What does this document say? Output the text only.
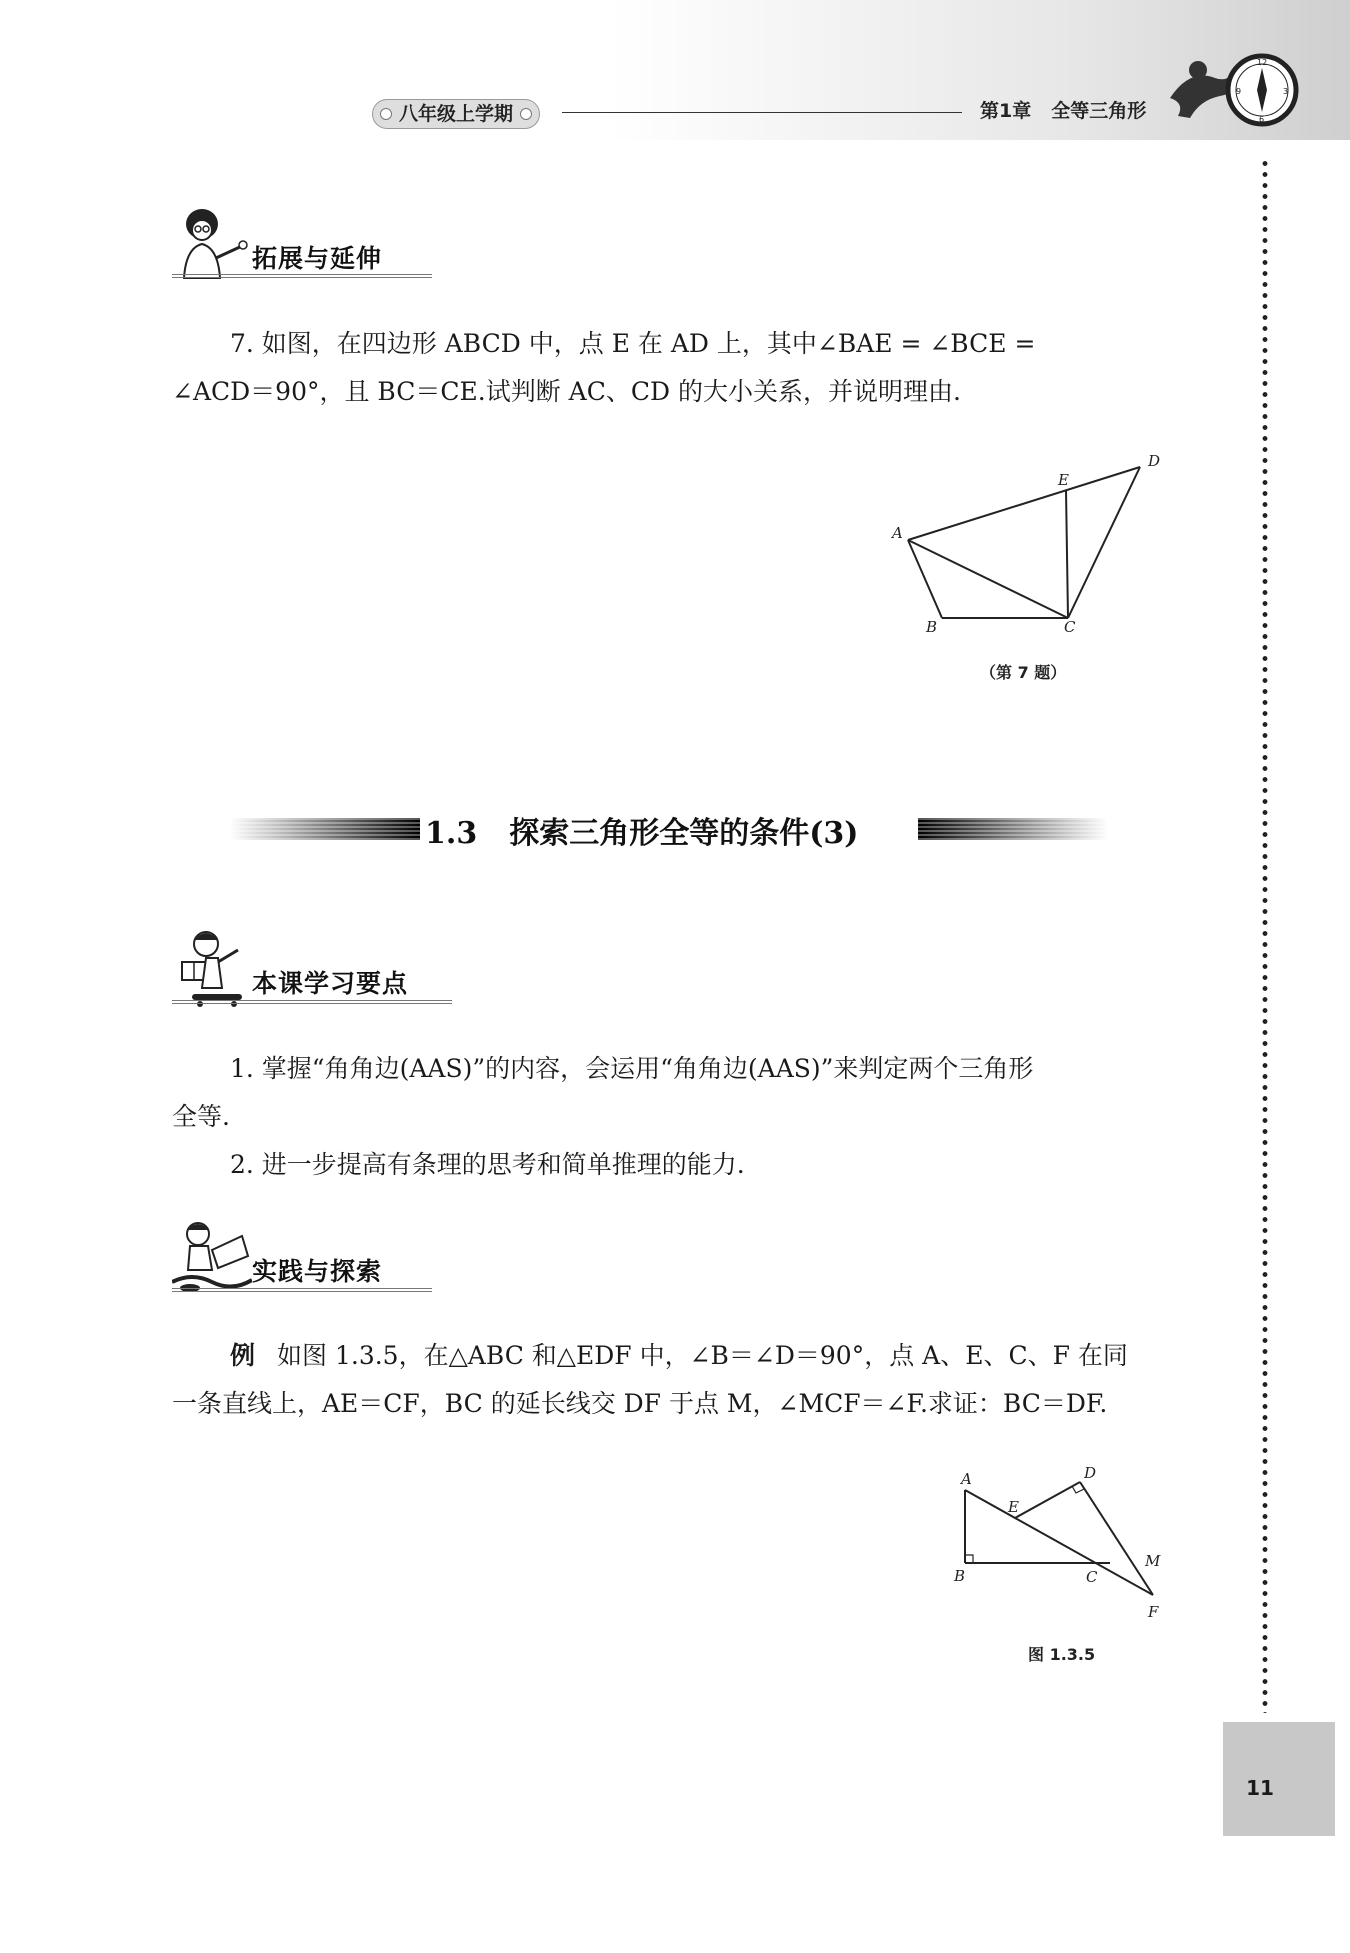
八年级上学期	第1章 全等三角形
12
3
6
9
11
拓展与延伸
7. 如图，在四边形 ABCD 中，点 E 在 AD 上，其中∠BAE = ∠BCE =
∠ACD＝90°，且 BC＝CE.试判断 AC、CD 的大小关系，并说明理由.
A
B	C
D
E
（第 7 题）
1.3 探索三角形全等的条件(3)
本课学习要点
1. 掌握“角角边(AAS)”的内容，会运用“角角边(AAS)”来判定两个三角形
全等.
2. 进一步提高有条理的思考和简单推理的能力.
实践与探索
例 如图 1.3.5，在△ABC 和△EDF 中，∠B＝∠D＝90°，点 A、E、C、F 在同
一条直线上，AE＝CF，BC 的延长线交 DF 于点 M，∠MCF＝∠F.求证：BC＝DF.
A
B	C
D
E
F
M
图 1.3.5
